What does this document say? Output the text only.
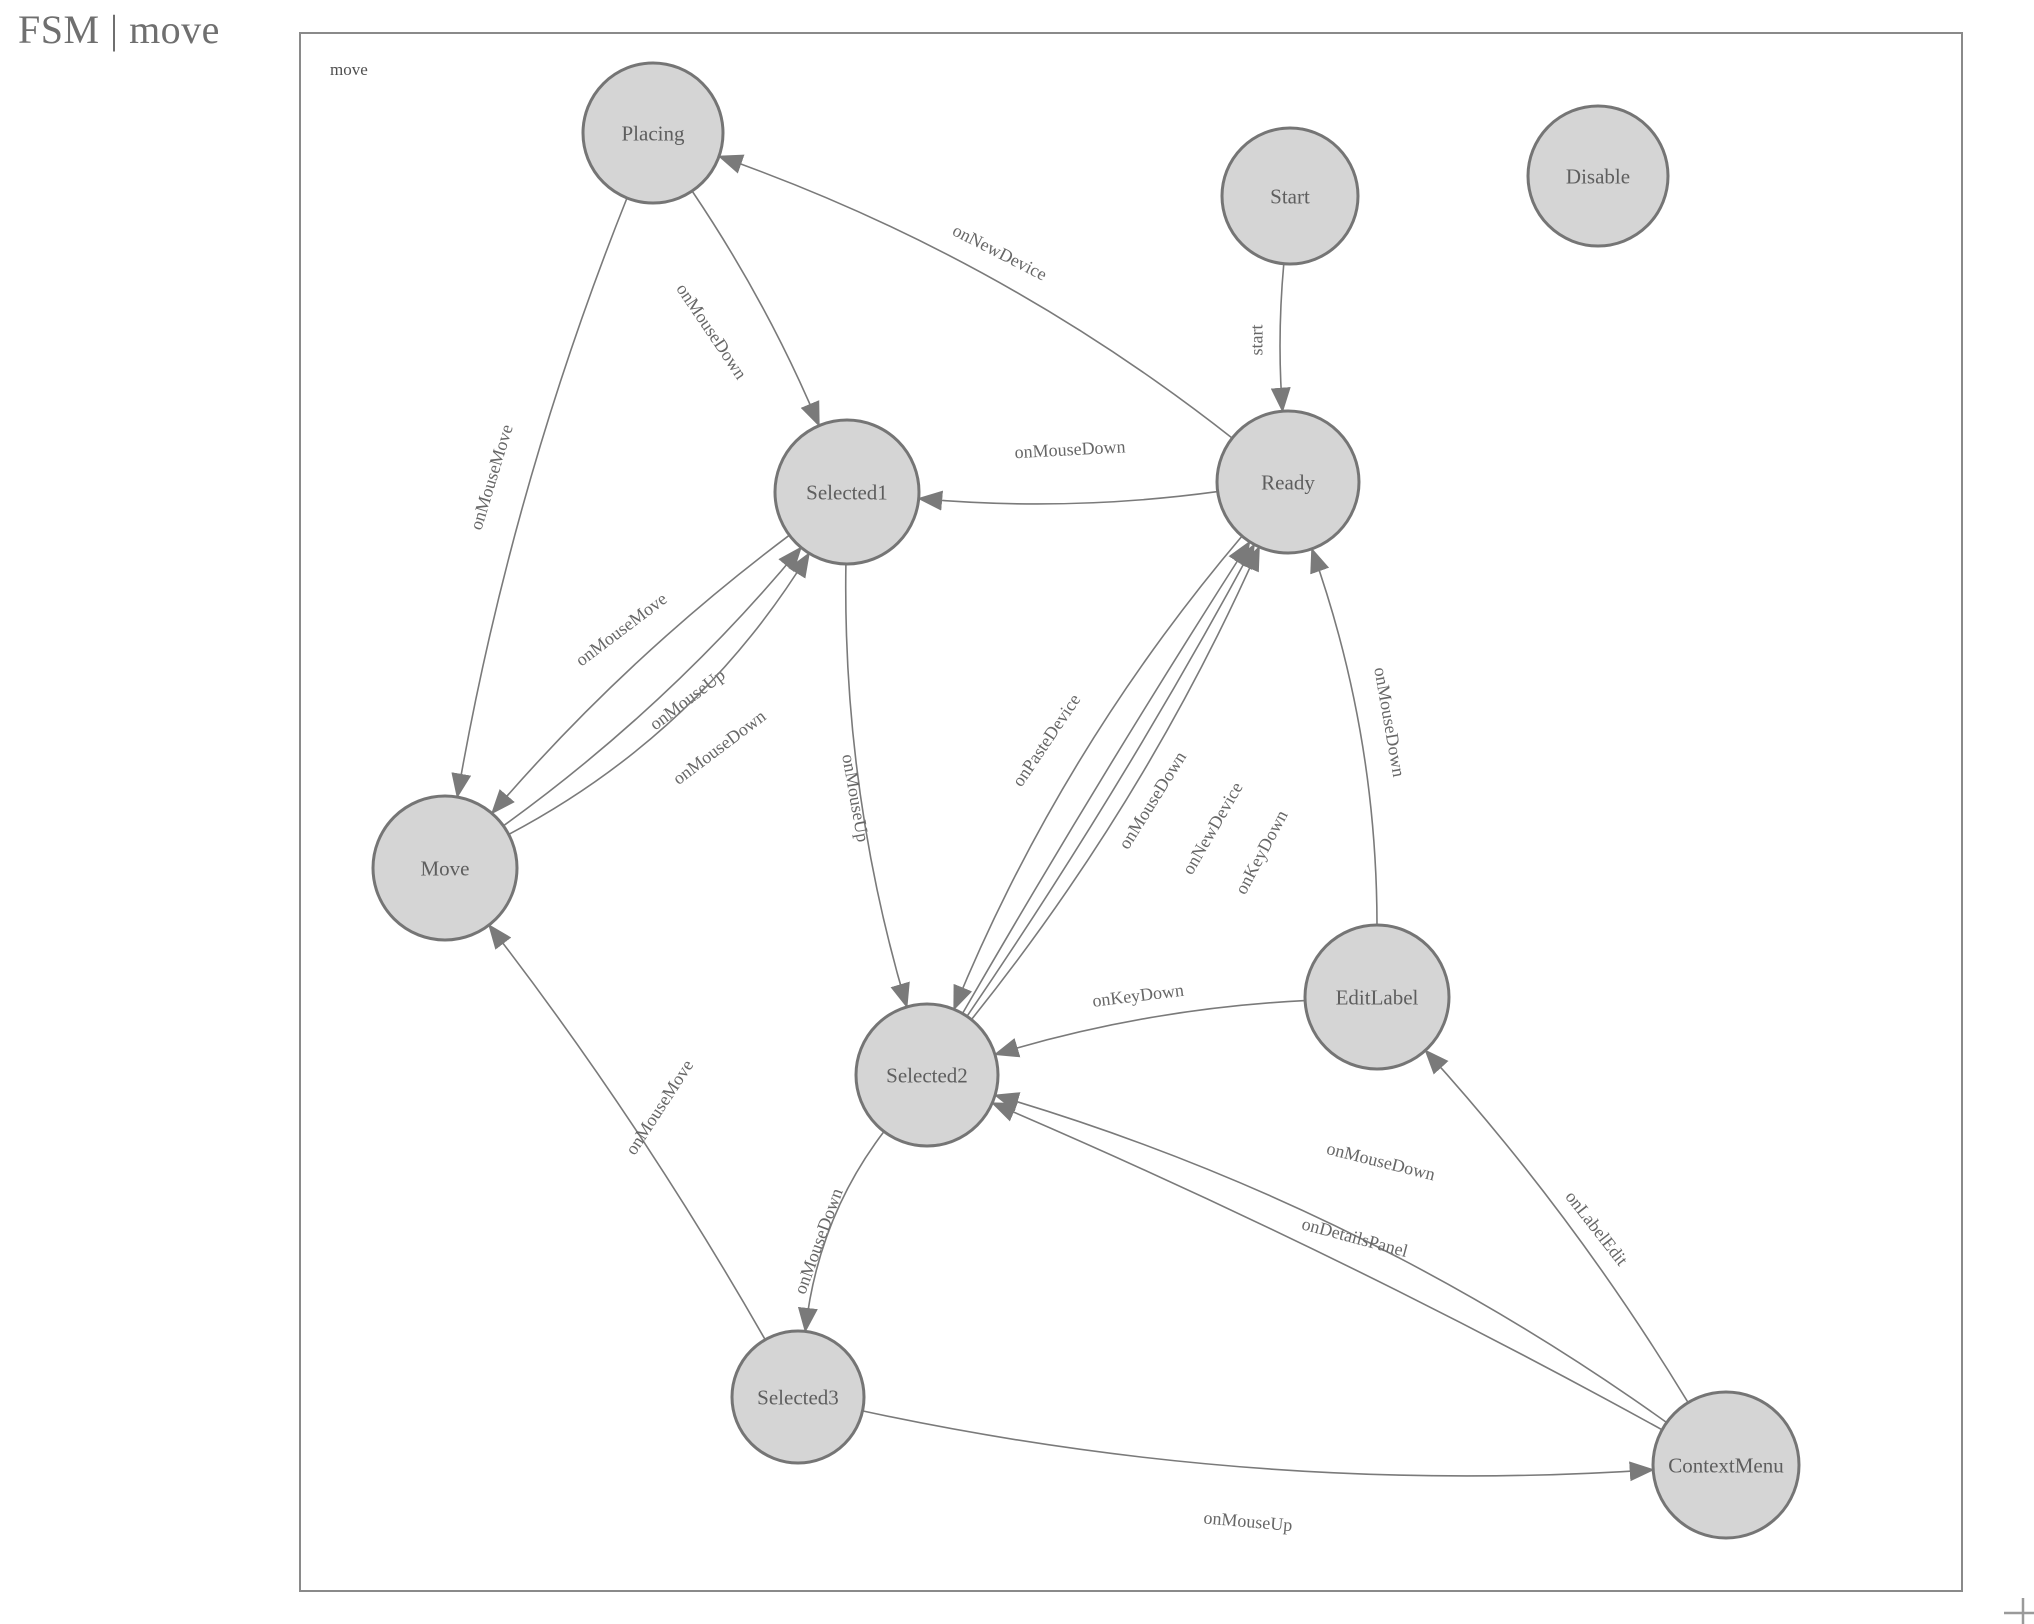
FSM | move
move
start
onNewDevice
onMouseDown
onMouseMove	onMouseDown
onMouseMove
onMouseUp
onMouseDown
onMouseUp
onPasteDevice
onMouseDown
onNewDevice
onKeyDown
onMouseDown
onKeyDown
onMouseDown
onDetailsPanel	onLabelEdit
onMouseDown
onMouseMove
onMouseUp
Placing
Start
Disable
Selected1	Ready
Move
Selected2
EditLabel
Selected3
ContextMenu
